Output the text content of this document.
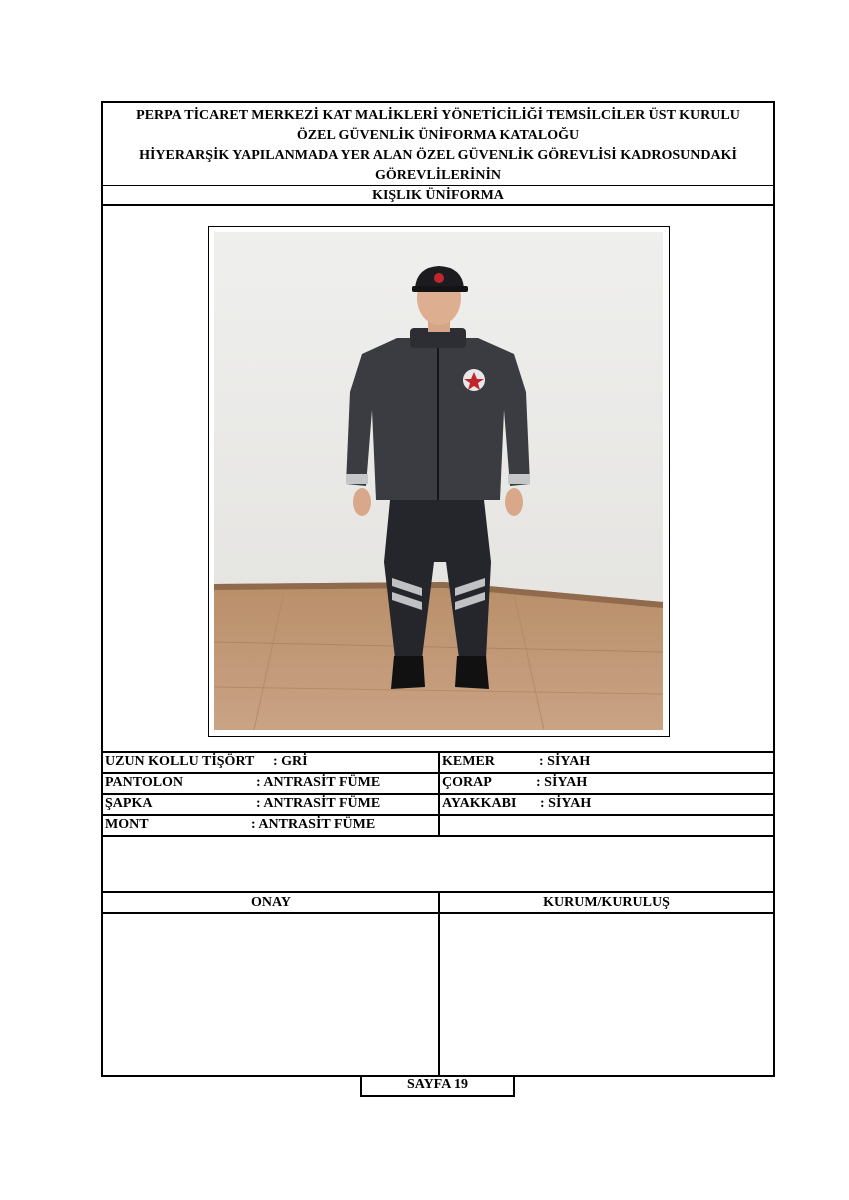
PERPA TİCARET MERKEZİ KAT MALİKLERİ YÖNETİCİLİĞİ TEMSİLCİLER ÜST KURULU
ÖZEL GÜVENLİK ÜNİFORMA KATALOĞU
HİYERARŞİK YAPILANMADA YER ALAN ÖZEL GÜVENLİK GÖREVLİSİ KADROSUNDAKİ
GÖREVLİLERİNİN
KIŞLIK ÜNİFORMA
UZUN KOLLU TİŞÖRT : GRİ	KEMER	: SİYAH
PANTOLON	: ANTRASİT FÜME	ÇORAP	: SİYAH
ŞAPKA	: ANTRASİT FÜME	AYAKKABI : SİYAH
MONT	: ANTRASİT FÜME
ONAY	KURUM/KURULUŞ
SAYFA 19
